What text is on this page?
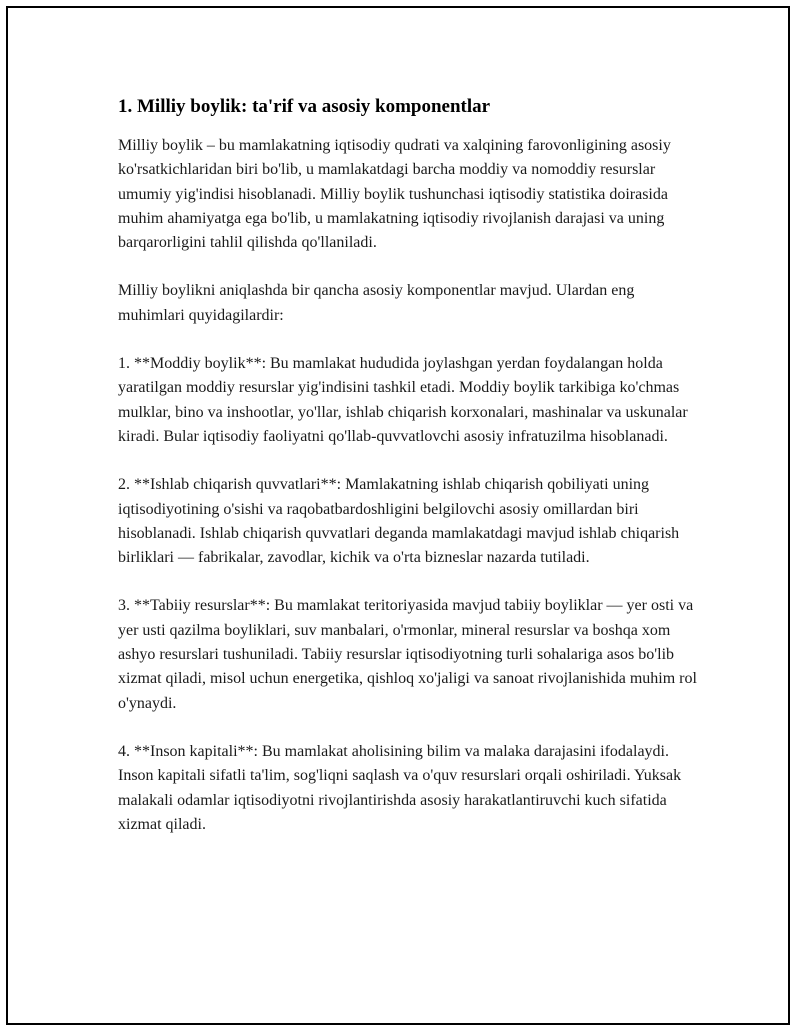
1. Milliy boylik: ta'rif va asosiy komponentlar

Milliy boylik – bu mamlakatning iqtisodiy qudrati va xalqining farovonligining asosiy ko'rsatkichlaridan biri bo'lib, u mamlakatdagi barcha moddiy va nomoddiy resurslar umumiy yig'indisi hisoblanadi. Milliy boylik tushunchasi iqtisodiy statistika doirasida muhim ahamiyatga ega bo'lib, u mamlakatning iqtisodiy rivojlanish darajasi va uning barqarorligini tahlil qilishda qo'llaniladi.

Milliy boylikni aniqlashda bir qancha asosiy komponentlar mavjud. Ulardan eng muhimlari quyidagilardir:

1. **Moddiy boylik**: Bu mamlakat hududida joylashgan yerdan foydalangan holda yaratilgan moddiy resurslar yig'indisini tashkil etadi. Moddiy boylik tarkibiga ko'chmas mulklar, bino va inshootlar, yo'llar, ishlab chiqarish korxonalari, mashinalar va uskunalar kiradi. Bular iqtisodiy faoliyatni qo'llab-quvvatlovchi asosiy infratuzilma hisoblanadi.

2. **Ishlab chiqarish quvvatlari**: Mamlakatning ishlab chiqarish qobiliyati uning iqtisodiyotining o'sishi va raqobatbardoshligini belgilovchi asosiy omillardan biri hisoblanadi. Ishlab chiqarish quvvatlari deganda mamlakatdagi mavjud ishlab chiqarish birliklari — fabrikalar, zavodlar, kichik va o'rta bizneslar nazarda tutiladi.

3. **Tabiiy resurslar**: Bu mamlakat teritoriyasida mavjud tabiiy boyliklar — yer osti va yer usti qazilma boyliklari, suv manbalari, o'rmonlar, mineral resurslar va boshqa xom ashyo resurslari tushuniladi. Tabiiy resurslar iqtisodiyotning turli sohalariga asos bo'lib xizmat qiladi, misol uchun energetika, qishloq xo'jaligi va sanoat rivojlanishida muhim rol o'ynaydi.

4. **Inson kapitali**: Bu mamlakat aholisining bilim va malaka darajasini ifodalaydi. Inson kapitali sifatli ta'lim, sog'liqni saqlash va o'quv resurslari orqali oshiriladi. Yuksak malakali odamlar iqtisodiyotni rivojlantirishda asosiy harakatlantiruvchi kuch sifatida xizmat qiladi.
